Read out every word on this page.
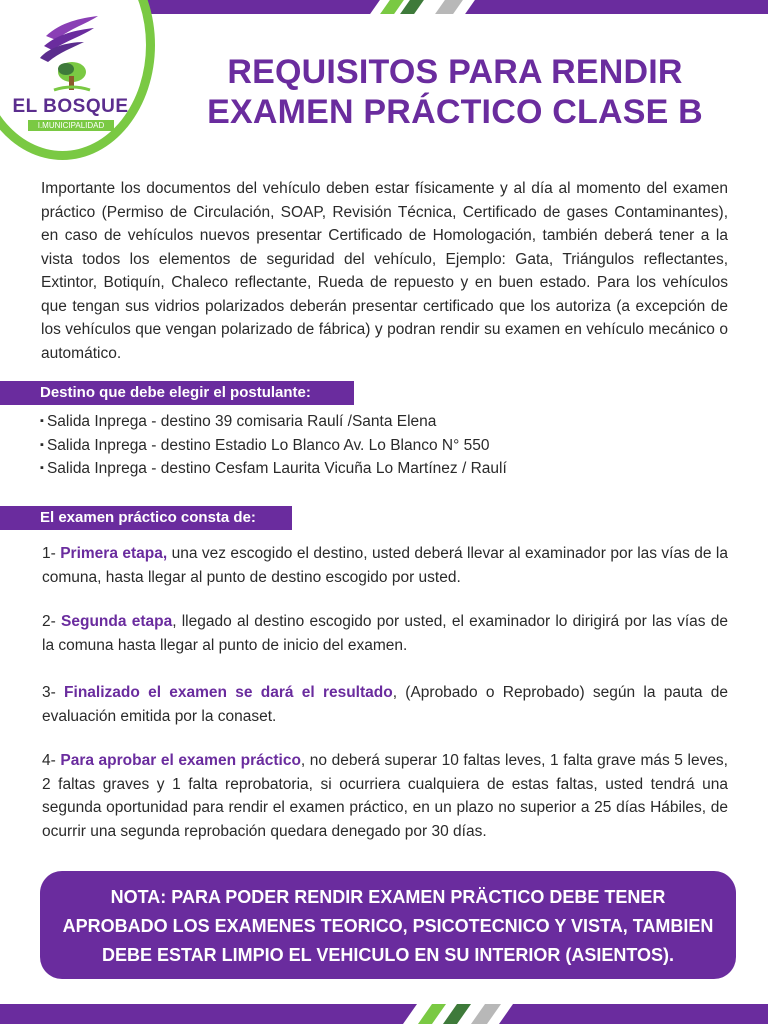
EL BOSQUE
I.MUNICIPALIDAD
REQUISITOS PARA RENDIR
EXAMEN PRÁCTICO CLASE B
Importante los documentos del vehículo deben estar físicamente y al día al momento del examen práctico (Permiso de Circulación, SOAP, Revisión Técnica, Certificado de gases Contaminantes), en caso de vehículos nuevos presentar Certificado de Homologación, también deberá tener a la vista todos los elementos de seguridad del vehículo, Ejemplo: Gata, Triángulos reflectantes, Extintor, Botiquín, Chaleco reflectante, Rueda de repuesto y en buen estado. Para los vehículos que tengan sus vidrios polarizados deberán presentar certificado que los autoriza (a excepción de los vehículos que vengan polarizado de fábrica) y podran rendir su examen en vehículo mecánico o automático.
Destino que debe elegir el postulante:
▪ Salida Inprega - destino 39 comisaria Raulí /Santa Elena
▪ Salida Inprega - destino Estadio Lo Blanco Av. Lo Blanco N° 550
▪ Salida Inprega - destino Cesfam Laurita Vicuña Lo Martínez / Raulí
El examen práctico consta de:
1- Primera etapa, una vez escogido el destino, usted deberá llevar al examinador por las vías de la comuna, hasta llegar al punto de destino escogido por usted.
2- Segunda etapa, llegado al destino escogido por usted, el examinador lo dirigirá por las vías de la comuna hasta llegar al punto de inicio del examen.
3- Finalizado el examen se dará el resultado, (Aprobado o Reprobado) según la pauta de evaluación emitida por la conaset.
4- Para aprobar el examen práctico, no deberá superar 10 faltas leves, 1 falta grave más 5 leves, 2 faltas graves y 1 falta reprobatoria, si ocurriera cualquiera de estas faltas, usted tendrá una segunda oportunidad para rendir el examen práctico, en un plazo no superior a 25 días Hábiles, de ocurrir una segunda reprobación quedara denegado por 30 días.
NOTA: PARA PODER RENDIR EXAMEN PRÄCTICO DEBE TENER APROBADO LOS EXAMENES TEORICO, PSICOTECNICO Y VISTA, TAMBIEN DEBE ESTAR LIMPIO EL VEHICULO EN SU INTERIOR (ASIENTOS).
